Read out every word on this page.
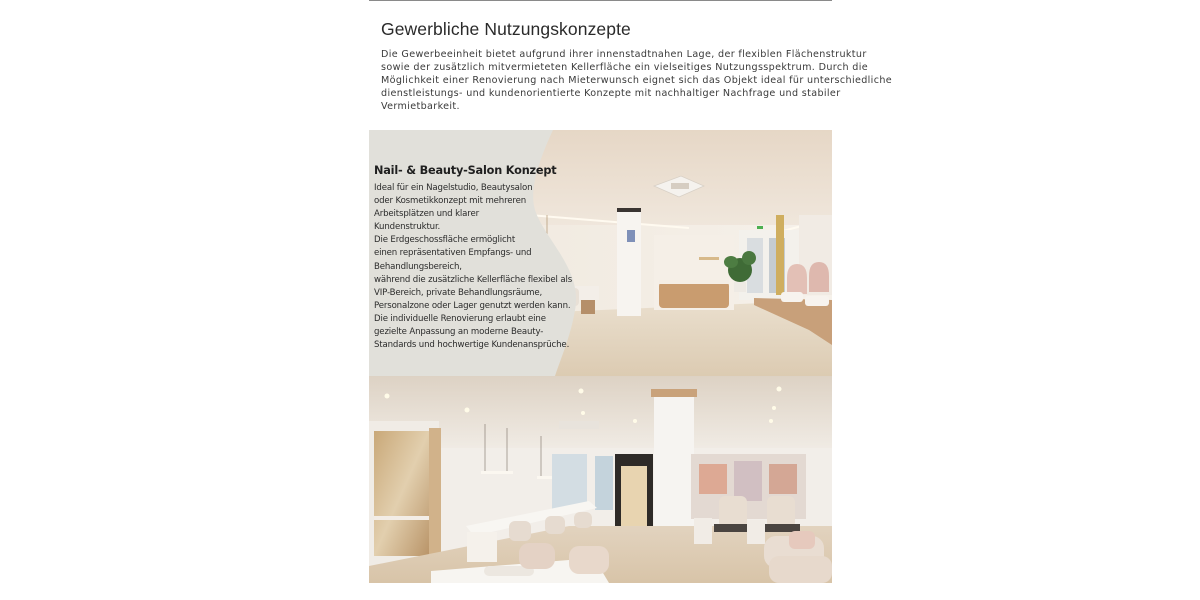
Gewerbliche Nutzungskonzepte

Die Gewerbeeinheit bietet aufgrund ihrer innenstadtnahen Lage, der flexiblen Flächenstruktur
sowie der zusätzlich mitvermieteten Kellerfläche ein vielseitiges Nutzungsspektrum. Durch die
Möglichkeit einer Renovierung nach Mieterwunsch eignet sich das Objekt ideal für unterschiedliche
dienstleistungs- und kundenorientierte Konzepte mit nachhaltiger Nachfrage und stabiler
Vermietbarkeit.

Nail- & Beauty-Salon Konzept
Ideal für ein Nagelstudio, Beautysalon
oder Kosmetikkonzept mit mehreren
Arbeitsplätzen und klarer
Kundenstruktur.
Die Erdgeschossfläche ermöglicht
einen repräsentativen Empfangs- und
Behandlungsbereich,
während die zusätzliche Kellerfläche flexibel als
VIP-Bereich, private Behandlungsräume,
Personalzone oder Lager genutzt werden kann.
Die individuelle Renovierung erlaubt eine
gezielte Anpassung an moderne Beauty-
Standards und hochwertige Kundenansprüche.
